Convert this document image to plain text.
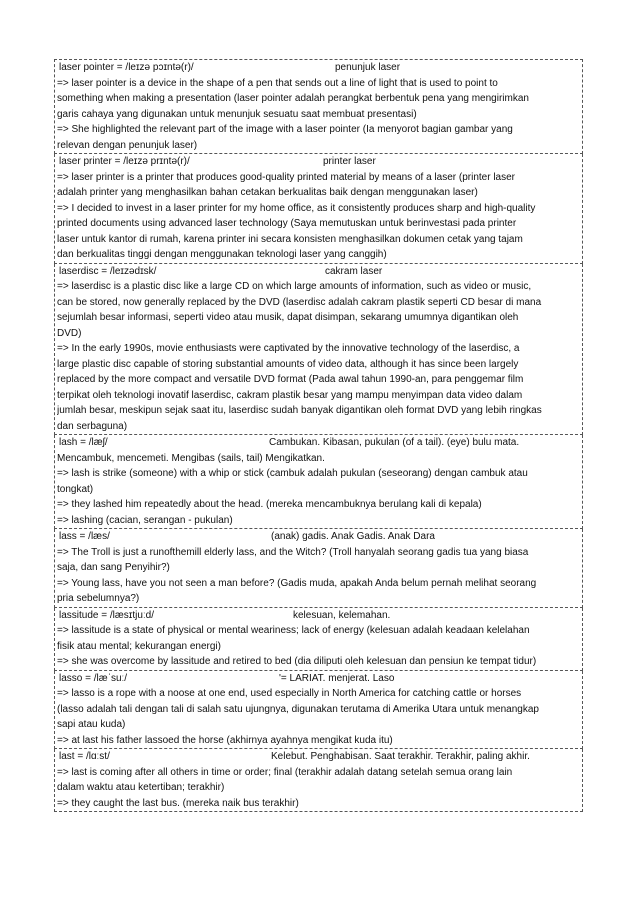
laser pointer = /leɪzə pɔɪntə(r)/	penunjuk laser
=> laser pointer is a device in the shape of a pen that sends out a line of light that is used to point to
something when making a presentation (laser pointer adalah perangkat berbentuk pena yang mengirimkan
garis cahaya yang digunakan untuk menunjuk sesuatu saat membuat presentasi)
=> She highlighted the relevant part of the image with a laser pointer (Ia menyorot bagian gambar yang
relevan dengan penunjuk laser)
laser printer = /leɪzə prɪntə(r)/	printer laser
=> laser printer is a printer that produces good-quality printed material by means of a laser (printer laser
adalah printer yang menghasilkan bahan cetakan berkualitas baik dengan menggunakan laser)
=> I decided to invest in a laser printer for my home office, as it consistently produces sharp and high-quality
printed documents using advanced laser technology (Saya memutuskan untuk berinvestasi pada printer
laser untuk kantor di rumah, karena printer ini secara konsisten menghasilkan dokumen cetak yang tajam
dan berkualitas tinggi dengan menggunakan teknologi laser yang canggih)
laserdisc = /leɪzədɪsk/	cakram laser
=> laserdisc is a plastic disc like a large CD on which large amounts of information, such as video or music,
can be stored, now generally replaced by the DVD (laserdisc adalah cakram plastik seperti CD besar di mana
sejumlah besar informasi, seperti video atau musik, dapat disimpan, sekarang umumnya digantikan oleh
DVD)
=> In the early 1990s, movie enthusiasts were captivated by the innovative technology of the laserdisc, a
large plastic disc capable of storing substantial amounts of video data, although it has since been largely
replaced by the more compact and versatile DVD format (Pada awal tahun 1990-an, para penggemar film
terpikat oleh teknologi inovatif laserdisc, cakram plastik besar yang mampu menyimpan data video dalam
jumlah besar, meskipun sejak saat itu, laserdisc sudah banyak digantikan oleh format DVD yang lebih ringkas
dan serbaguna)
lash = /læʃ/	Cambukan. Kibasan, pukulan (of a tail). (eye) bulu mata.
Mencambuk, mencemeti. Mengibas (sails, tail) Mengikatkan.
=> lash is strike (someone) with a whip or stick (cambuk adalah pukulan (seseorang) dengan cambuk atau
tongkat)
=> they lashed him repeatedly about the head. (mereka mencambuknya berulang kali di kepala)
=> lashing (cacian, serangan - pukulan)
lass = /læs/	(anak) gadis. Anak Gadis. Anak Dara
=> The Troll is just a runofthemill elderly lass, and the Witch? (Troll hanyalah seorang gadis tua yang biasa
saja, dan sang Penyihir?)
=> Young lass, have you not seen a man before? (Gadis muda, apakah Anda belum pernah melihat seorang
pria sebelumnya?)
lassitude = /læsɪtjuːd/	kelesuan, kelemahan.
=> lassitude is a state of physical or mental weariness; lack of energy (kelesuan adalah keadaan kelelahan
fisik atau mental; kekurangan energi)
=> she was overcome by lassitude and retired to bed (dia diliputi oleh kelesuan dan pensiun ke tempat tidur)
lasso = /læˈsuː/	'= LARIAT. menjerat. Laso
=> lasso is a rope with a noose at one end, used especially in North America for catching cattle or horses
(lasso adalah tali dengan tali di salah satu ujungnya, digunakan terutama di Amerika Utara untuk menangkap
sapi atau kuda)
=> at last his father lassoed the horse (akhirnya ayahnya mengikat kuda itu)
last = /lɑːst/	Kelebut. Penghabisan. Saat terakhir. Terakhir, paling akhir.
=> last is coming after all others in time or order; final (terakhir adalah datang setelah semua orang lain
dalam waktu atau ketertiban; terakhir)
=> they caught the last bus. (mereka naik bus terakhir)
